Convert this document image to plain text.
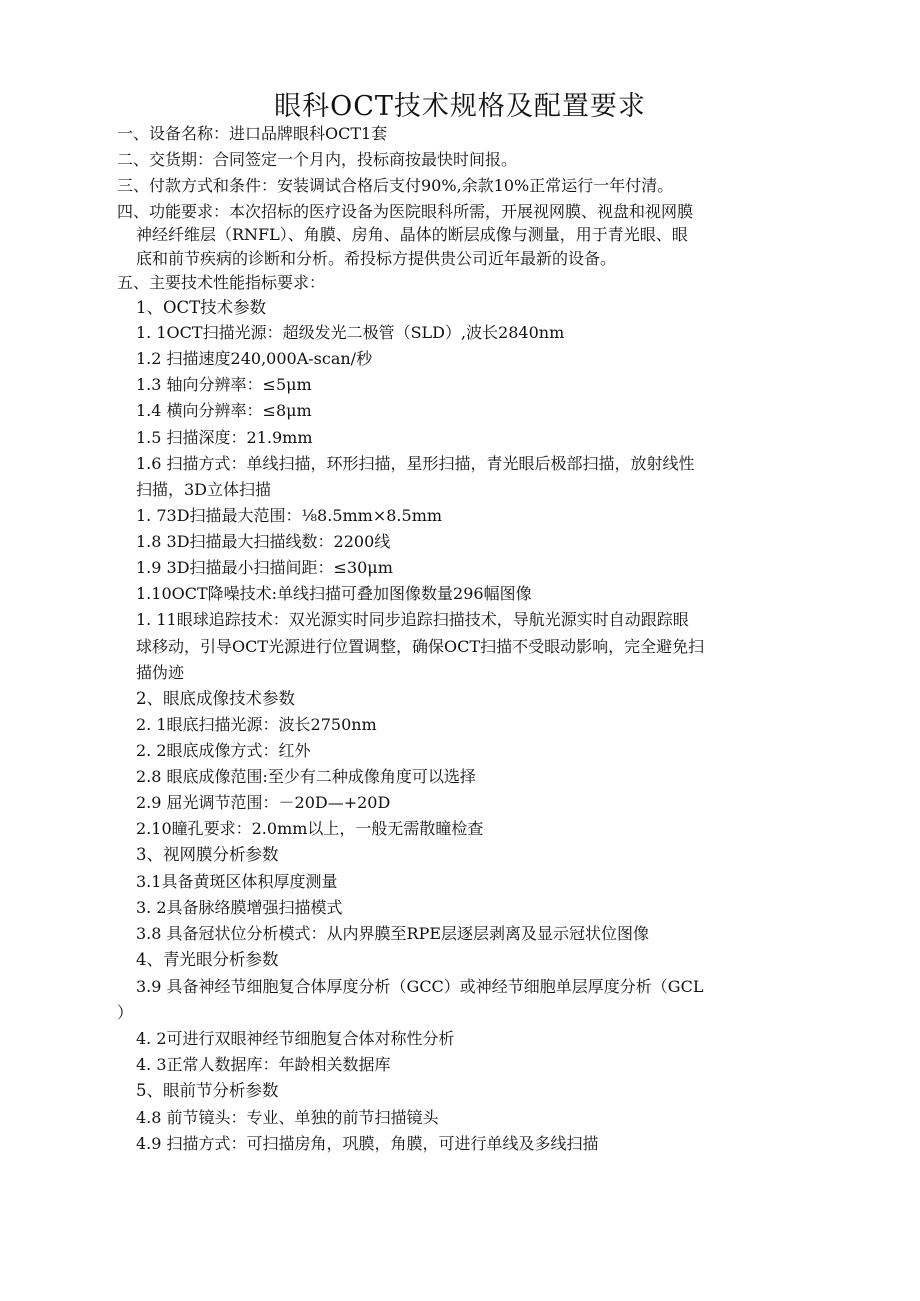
眼科OCT技术规格及配置要求
一、设备名称：进口品牌眼科OCT1套
二、交货期：合同签定一个月内，投标商按最快时间报。
三、付款方式和条件：安装调试合格后支付90%,余款10%正常运行一年付清。
四、功能要求：本次招标的医疗设备为医院眼科所需，开展视网膜、视盘和视网膜
神经纤维层（RNFL）、角膜、房角、晶体的断层成像与测量，用于青光眼、眼
底和前节疾病的诊断和分析。希投标方提供贵公司近年最新的设备。
五、主要技术性能指标要求：
1、OCT技术参数
1. 1OCT扫描光源：超级发光二极管（SLD）,波长2840nm
1.2 扫描速度240,000A-scan/秒
1.3 轴向分辨率：≤5μm
1.4 横向分辨率：≤8μm
1.5 扫描深度：21.9mm
1.6 扫描方式：单线扫描，环形扫描，星形扫描，青光眼后极部扫描，放射线性
扫描，3D立体扫描
1. 73D扫描最大范围：⅛8.5mm×8.5mm
1.8 3D扫描最大扫描线数：2200线
1.9 3D扫描最小扫描间距：≤30μm
1.10OCT降噪技术:单线扫描可叠加图像数量296幅图像
1. 11眼球追踪技术：双光源实时同步追踪扫描技术，导航光源实时自动跟踪眼
球移动，引导OCT光源进行位置调整，确保OCT扫描不受眼动影响，完全避免扫
描伪迹
2、眼底成像技术参数
2. 1眼底扫描光源：波长2750nm
2. 2眼底成像方式：红外
2.8 眼底成像范围:至少有二种成像角度可以选择
2.9 屈光调节范围：－20D—+20D
2.10瞳孔要求：2.0mm以上，一般无需散瞳检查
3、视网膜分析参数
3.1具备黄斑区体积厚度测量
3. 2具备脉络膜增强扫描模式
3.8 具备冠状位分析模式：从内界膜至RPE层逐层剥离及显示冠状位图像
4、青光眼分析参数
3.9 具备神经节细胞复合体厚度分析（GCC）或神经节细胞单层厚度分析（GCL
）
4. 2可进行双眼神经节细胞复合体对称性分析
4. 3正常人数据库：年龄相关数据库
5、眼前节分析参数
4.8 前节镜头：专业、单独的前节扫描镜头
4.9 扫描方式：可扫描房角，巩膜，角膜，可进行单线及多线扫描
